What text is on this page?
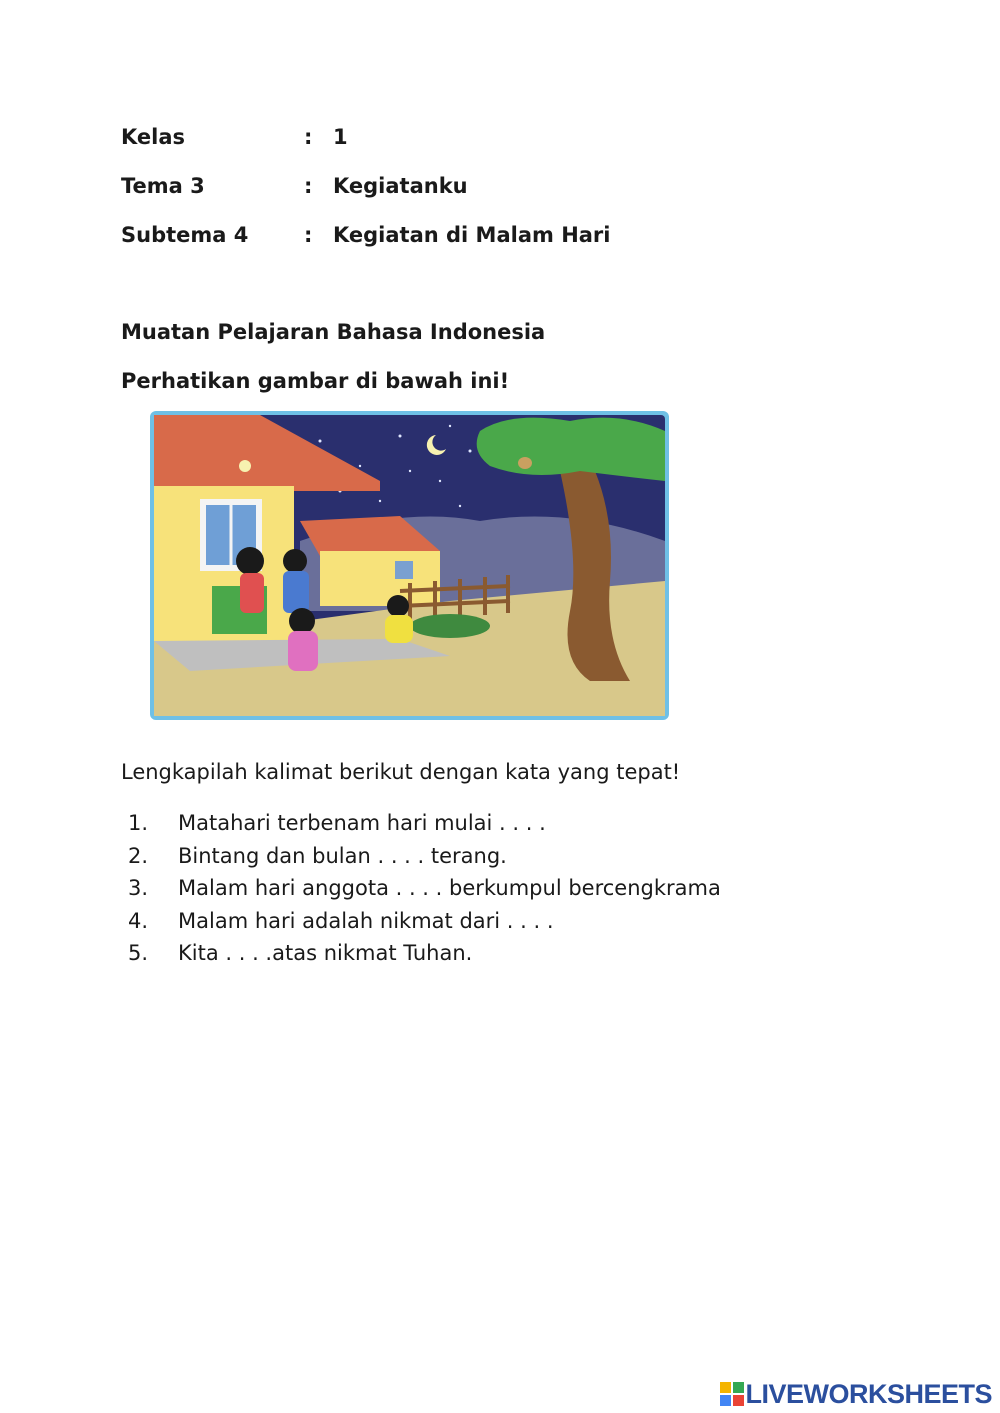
Kelas	: 1
Tema 3	: Kegiatanku
Subtema 4	: Kegiatan di Malam Hari
Muatan Pelajaran Bahasa Indonesia
Perhatikan gambar di bawah ini!
Lengkapilah kalimat berikut dengan kata yang tepat!
1. Matahari terbenam hari mulai . . . .
2. Bintang dan bulan . . . . terang.
3. Malam hari anggota . . . . berkumpul bercengkrama
4. Malam hari adalah nikmat dari . . . .
5. Kita . . . .atas nikmat Tuhan.
LIVEWORKSHEETS
